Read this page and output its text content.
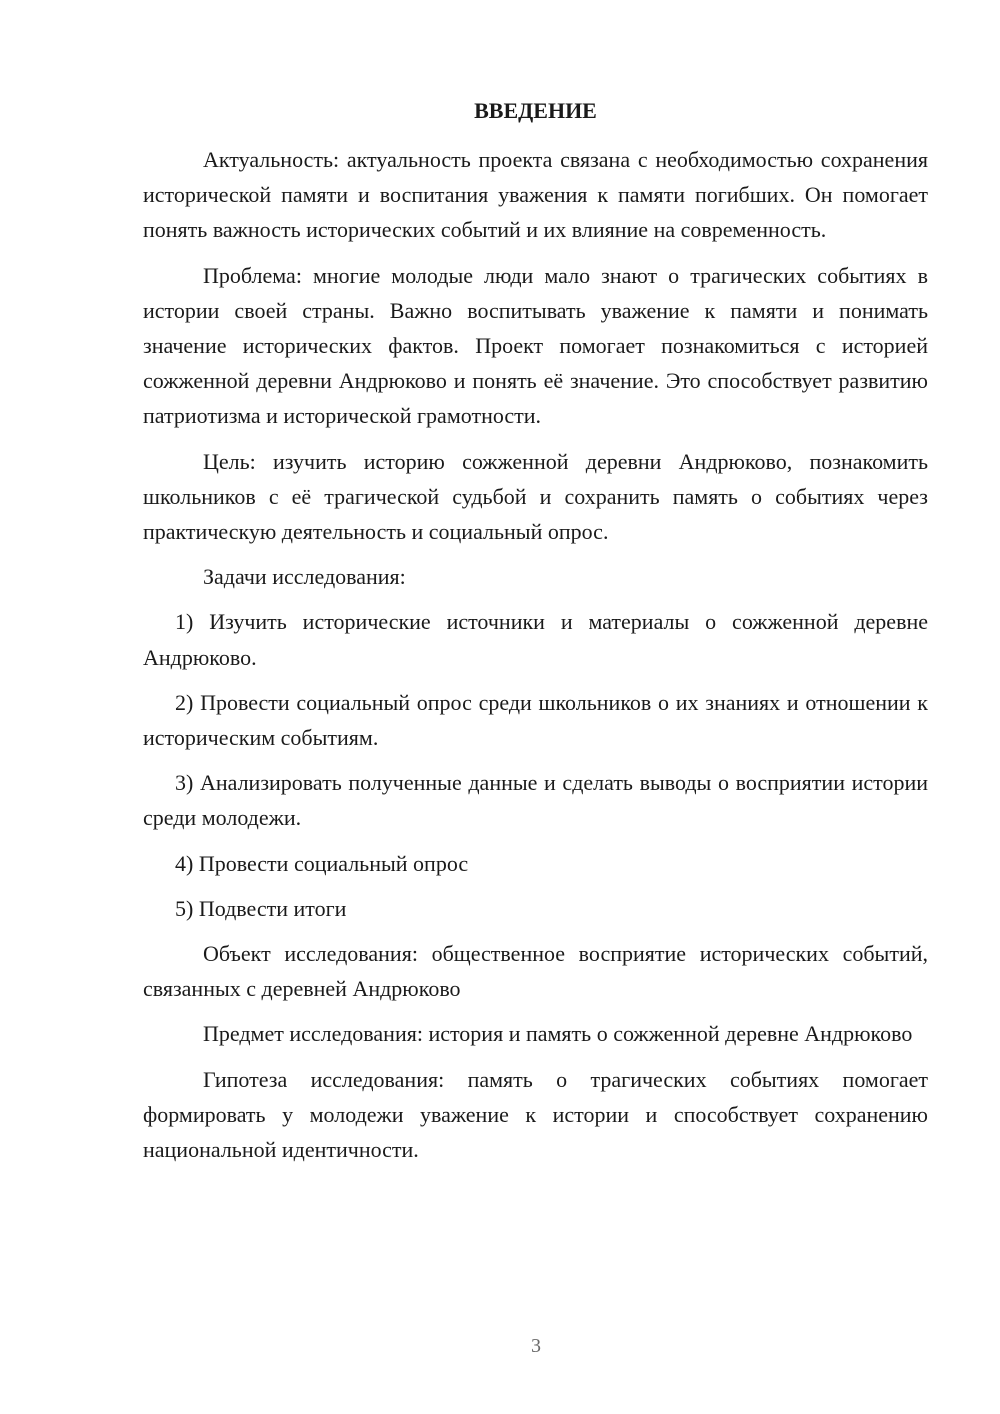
ВВЕДЕНИЕ

Актуальность: актуальность проекта связана с необходимостью сохранения исторической памяти и воспитания уважения к памяти погибших. Он помогает понять важность исторических событий и их влияние на современность.

Проблема: многие молодые люди мало знают о трагических событиях в истории своей страны. Важно воспитывать уважение к памяти и понимать значение исторических фактов. Проект помогает познакомиться с историей сожженной деревни Андрюково и понять её значение. Это способствует развитию патриотизма и исторической грамотности.

Цель: изучить историю сожженной деревни Андрюково, познакомить школьников с её трагической судьбой и сохранить память о событиях через практическую деятельность и социальный опрос.

Задачи исследования:

1) Изучить исторические источники и материалы о сожженной деревне Андрюково.

2) Провести социальный опрос среди школьников о их знаниях и отношении к историческим событиям.

3) Анализировать полученные данные и сделать выводы о восприятии истории среди молодежи.

4) Провести социальный опрос

5) Подвести итоги

Объект исследования: общественное восприятие исторических событий, связанных с деревней Андрюково

Предмет исследования: история и память о сожженной деревне Андрюково

Гипотеза исследования: память о трагических событиях помогает формировать у молодежи уважение к истории и способствует сохранению национальной идентичности.

3
